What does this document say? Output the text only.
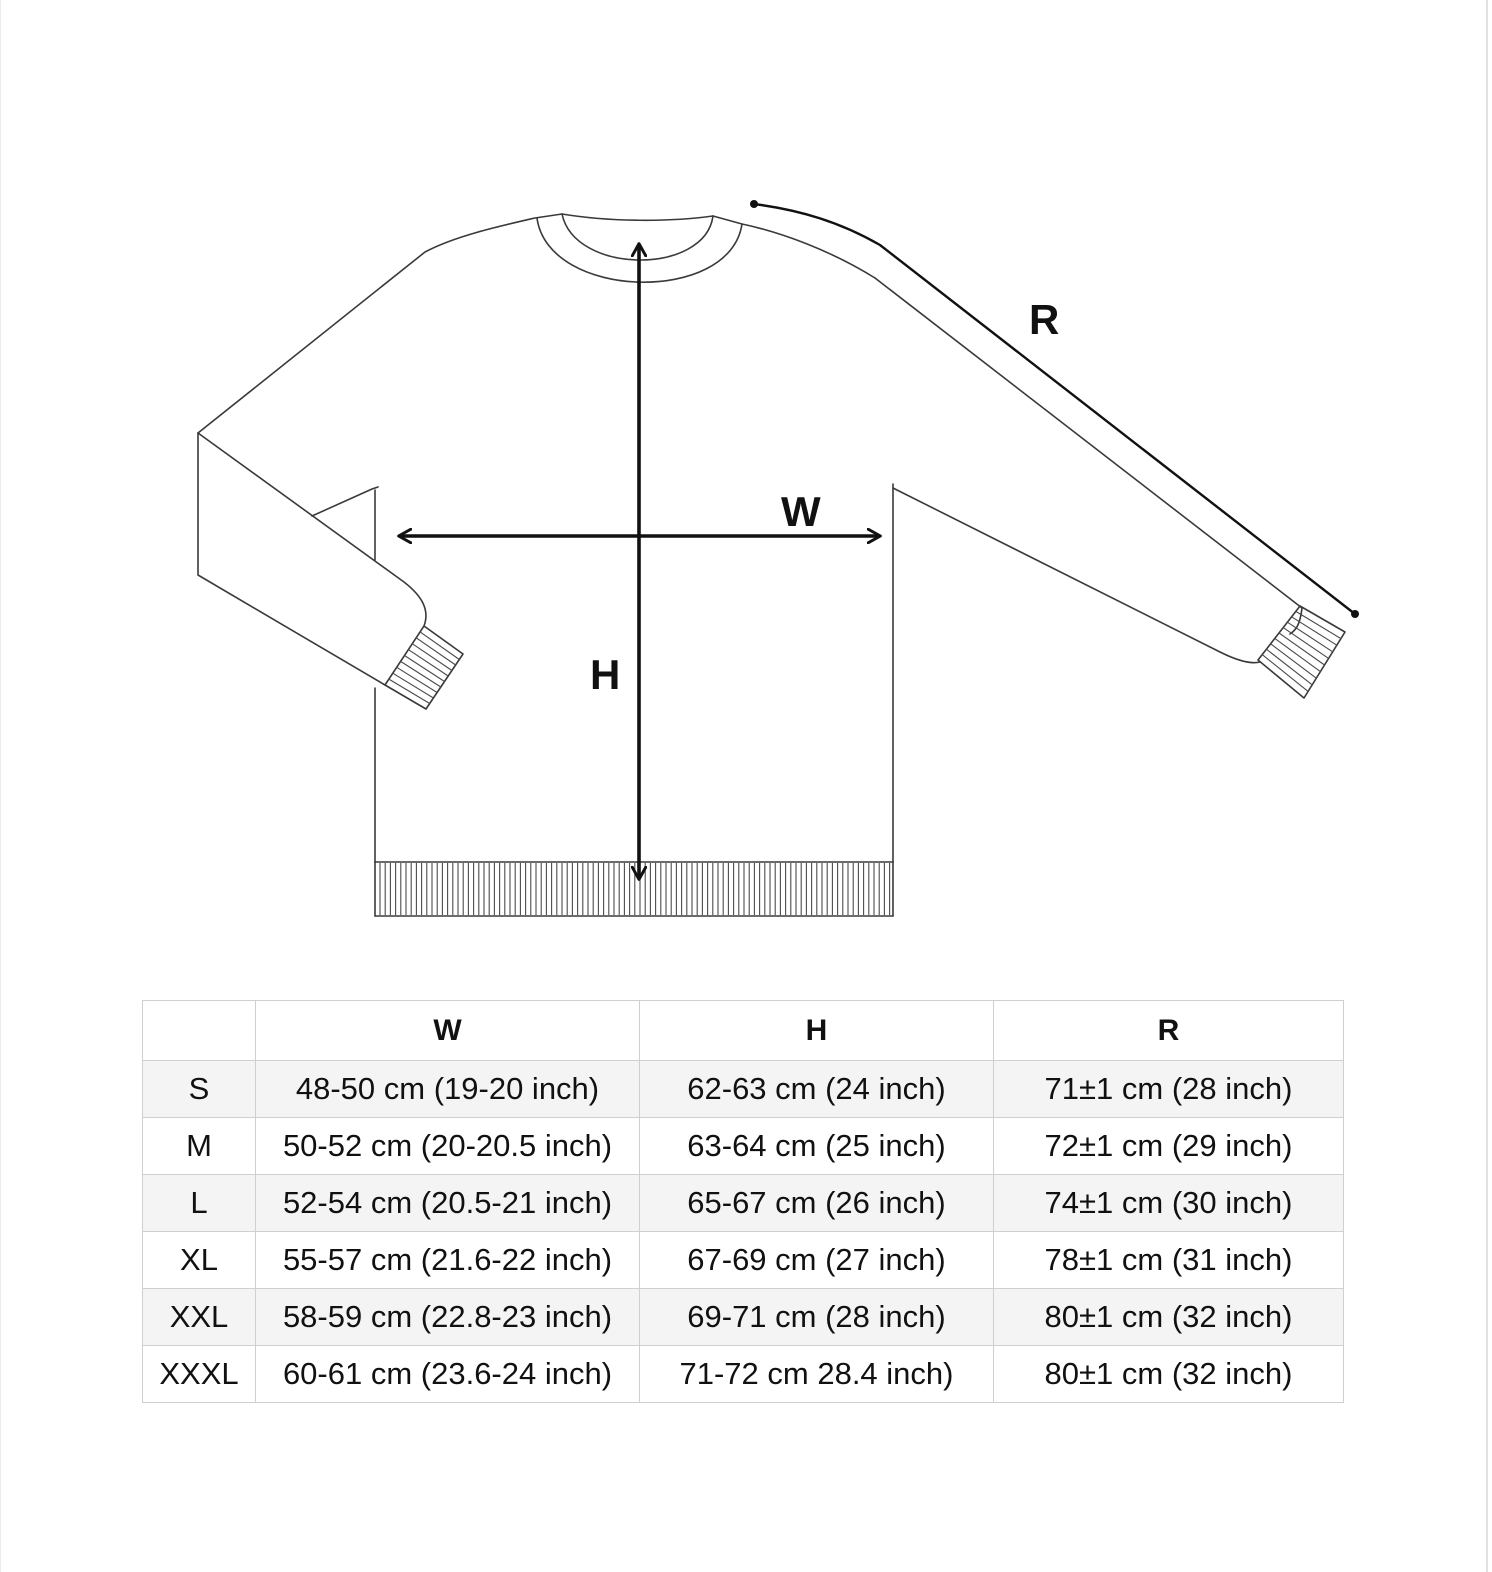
W
H
R
	W	H	R
S	48-50 cm (19-20 inch)	62-63 cm (24 inch)	71±1 cm (28 inch)
M	50-52 cm (20-20.5 inch)	63-64 cm (25 inch)	72±1 cm (29 inch)
L	52-54 cm (20.5-21 inch)	65-67 cm (26 inch)	74±1 cm (30 inch)
XL	55-57 cm (21.6-22 inch)	67-69 cm (27 inch)	78±1 cm (31 inch)
XXL	58-59 cm (22.8-23 inch)	69-71 cm (28 inch)	80±1 cm (32 inch)
XXXL	60-61 cm (23.6-24 inch)	71-72 cm 28.4 inch)	80±1 cm (32 inch)
